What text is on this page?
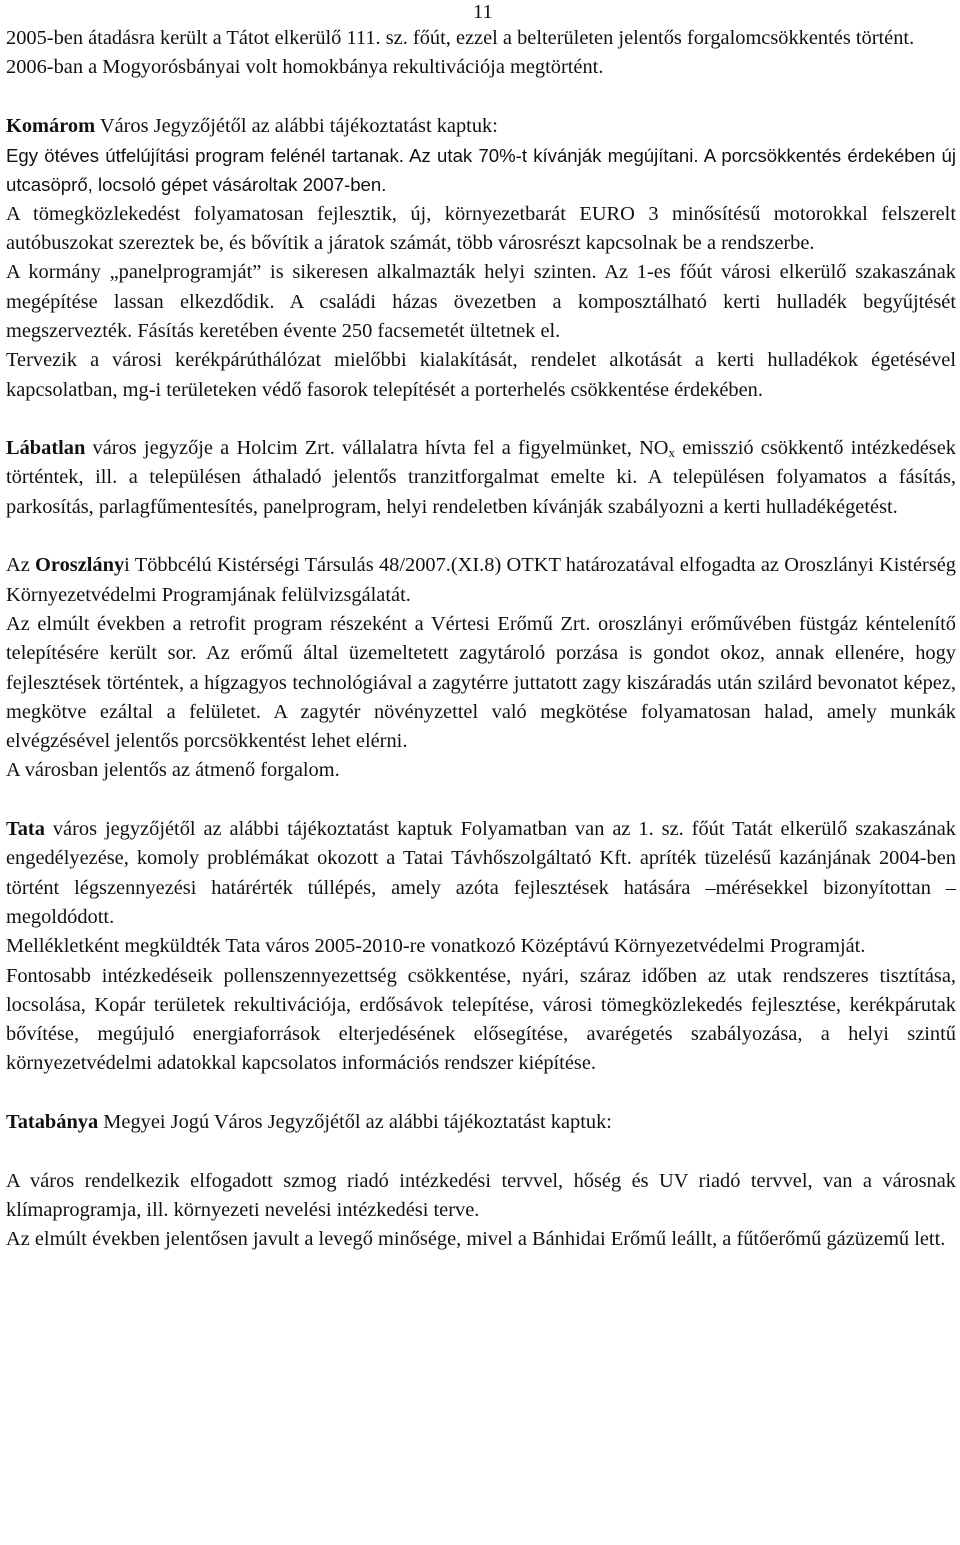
11

2005-ben átadásra került a Tátot elkerülő 111. sz. főút, ezzel a belterületen jelentős forgalomcsökkentés történt.

2006-ban a Mogyorósbányai volt homokbánya rekultivációja megtörtént.

Komárom Város Jegyzőjétől az alábbi tájékoztatást kaptuk:

Egy ötéves útfelújítási program felénél tartanak. Az utak 70%-t kívánják megújítani. A porcsökkentés érdekében új utcasöprő, locsoló gépet vásároltak 2007-ben.

A tömegközlekedést folyamatosan fejlesztik, új, környezetbarát EURO 3 minősítésű motorokkal felszerelt autóbuszokat szereztek be, és bővítik a járatok számát, több városrészt kapcsolnak be a rendszerbe.

A kormány „panelprogramját” is sikeresen alkalmazták helyi szinten. Az 1-es főút városi elkerülő szakaszának megépítése lassan elkezdődik. A családi házas övezetben a komposztálható kerti hulladék begyűjtését megszervezték. Fásítás keretében évente 250 facsemetét ültetnek el.

Tervezik a városi kerékpárúthálózat mielőbbi kialakítását, rendelet alkotását a kerti hulladékok égetésével kapcsolatban, mg-i területeken védő fasorok telepítését a porterhelés csökkentése érdekében.

Lábatlan város jegyzője a Holcim Zrt. vállalatra hívta fel a figyelmünket, $NO_x$ emisszió csökkentő intézkedések történtek, ill. a településen áthaladó jelentős tranzitforgalmat emelte ki. A településen folyamatos a fásítás, parkosítás, parlagfűmentesítés, panelprogram, helyi rendeletben kívánják szabályozni a kerti hulladékégetést.

Az Oroszlányi Többcélú Kistérségi Társulás 48/2007.(XI.8) OTKT határozatával elfogadta az Oroszlányi Kistérség Környezetvédelmi Programjának felülvizsgálatát.

Az elmúlt években a retrofit program részeként a Vértesi Erőmű Zrt. oroszlányi erőművében füstgáz kéntelenítő telepítésére került sor. Az erőmű által üzemeltetett zagytároló porzása is gondot okoz, annak ellenére, hogy fejlesztések történtek, a hígzagyos technológiával a zagytérre juttatott zagy kiszáradás után szilárd bevonatot képez, megkötve ezáltal a felületet. A zagytér növényzettel való megkötése folyamatosan halad, amely munkák elvégzésével jelentős porcsökkentést lehet elérni.

A városban jelentős az átmenő forgalom.

Tata város jegyzőjétől az alábbi tájékoztatást kaptuk Folyamatban van az 1. sz. főút Tatát elkerülő szakaszának engedélyezése, komoly problémákat okozott a Tatai Távhőszolgáltató Kft. apríték tüzelésű kazánjának 2004-ben történt légszennyezési határérték túllépés, amely azóta fejlesztések hatására –mérésekkel bizonyítottan – megoldódott.

Mellékletként megküldték Tata város 2005-2010-re vonatkozó Középtávú Környezetvédelmi Programját.

Fontosabb intézkedéseik pollenszennyezettség csökkentése, nyári, száraz időben az utak rendszeres tisztítása, locsolása, Kopár területek rekultivációja, erdősávok telepítése, városi tömegközlekedés fejlesztése, kerékpárutak bővítése, megújuló energiaforrások elterjedésének elősegítése, avarégetés szabályozása, a helyi szintű környezetvédelmi adatokkal kapcsolatos információs rendszer kiépítése.

Tatabánya Megyei Jogú Város Jegyzőjétől az alábbi tájékoztatást kaptuk:

A város rendelkezik elfogadott szmog riadó intézkedési tervvel, hőség és UV riadó tervvel, van a városnak klímaprogramja, ill. környezeti nevelési intézkedési terve.

Az elmúlt években jelentősen javult a levegő minősége, mivel a Bánhidai Erőmű leállt, a fűtőerőmű gázüzemű lett.
